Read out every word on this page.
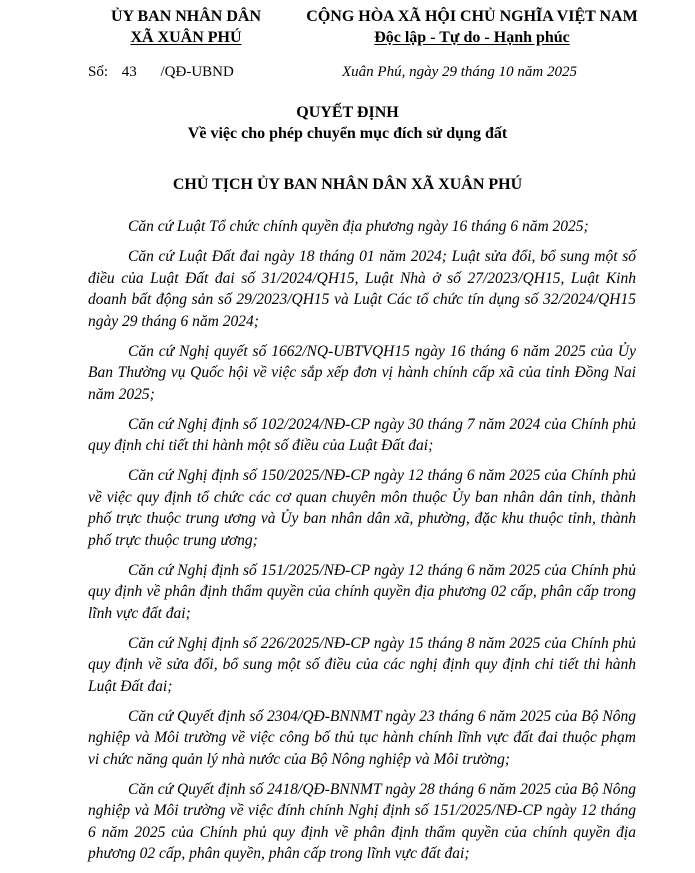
ỦY BAN NHÂN DÂN
XÃ XUÂN PHÚ
CỘNG HÒA XÃ HỘI CHỦ NGHĨA VIỆT NAM
Độc lập - Tự do - Hạnh phúc
Số: 43 /QĐ-UBND	Xuân Phú, ngày 29 tháng 10 năm 2025
QUYẾT ĐỊNH
Về việc cho phép chuyển mục đích sử dụng đất
CHỦ TỊCH ỦY BAN NHÂN DÂN XÃ XUÂN PHÚ

Căn cứ Luật Tổ chức chính quyền địa phương ngày 16 tháng 6 năm 2025;

Căn cứ Luật Đất đai ngày 18 tháng 01 năm 2024; Luật sửa đổi, bổ sung một số điều của Luật Đất đai số 31/2024/QH15, Luật Nhà ở số 27/2023/QH15, Luật Kinh doanh bất động sản số 29/2023/QH15 và Luật Các tổ chức tín dụng số 32/2024/QH15 ngày 29 tháng 6 năm 2024;

Căn cứ Nghị quyết số 1662/NQ-UBTVQH15 ngày 16 tháng 6 năm 2025 của Ủy Ban Thường vụ Quốc hội về việc sắp xếp đơn vị hành chính cấp xã của tỉnh Đồng Nai năm 2025;

Căn cứ Nghị định số 102/2024/NĐ-CP ngày 30 tháng 7 năm 2024 của Chính phủ quy định chi tiết thi hành một số điều của Luật Đất đai;

Căn cứ Nghị định số 150/2025/NĐ-CP ngày 12 tháng 6 năm 2025 của Chính phủ về việc quy định tổ chức các cơ quan chuyên môn thuộc Ủy ban nhân dân tỉnh, thành phố trực thuộc trung ương và Ủy ban nhân dân xã, phường, đặc khu thuộc tỉnh, thành phố trực thuộc trung ương;

Căn cứ Nghị định số 151/2025/NĐ-CP ngày 12 tháng 6 năm 2025 của Chính phủ quy định về phân định thẩm quyền của chính quyền địa phương 02 cấp, phân cấp trong lĩnh vực đất đai;

Căn cứ Nghị định số 226/2025/NĐ-CP ngày 15 tháng 8 năm 2025 của Chính phủ quy định về sửa đổi, bổ sung một số điều của các nghị định quy định chi tiết thi hành Luật Đất đai;

Căn cứ Quyết định số 2304/QĐ-BNNMT ngày 23 tháng 6 năm 2025 của Bộ Nông nghiệp và Môi trường về việc công bố thủ tục hành chính lĩnh vực đất đai thuộc phạm vi chức năng quản lý nhà nước của Bộ Nông nghiệp và Môi trường;

Căn cứ Quyết định số 2418/QĐ-BNNMT ngày 28 tháng 6 năm 2025 của Bộ Nông nghiệp và Môi trường về việc đính chính Nghị định số 151/2025/NĐ-CP ngày 12 tháng 6 năm 2025 của Chính phủ quy định về phân định thẩm quyền của chính quyền địa phương 02 cấp, phân quyền, phân cấp trong lĩnh vực đất đai;
